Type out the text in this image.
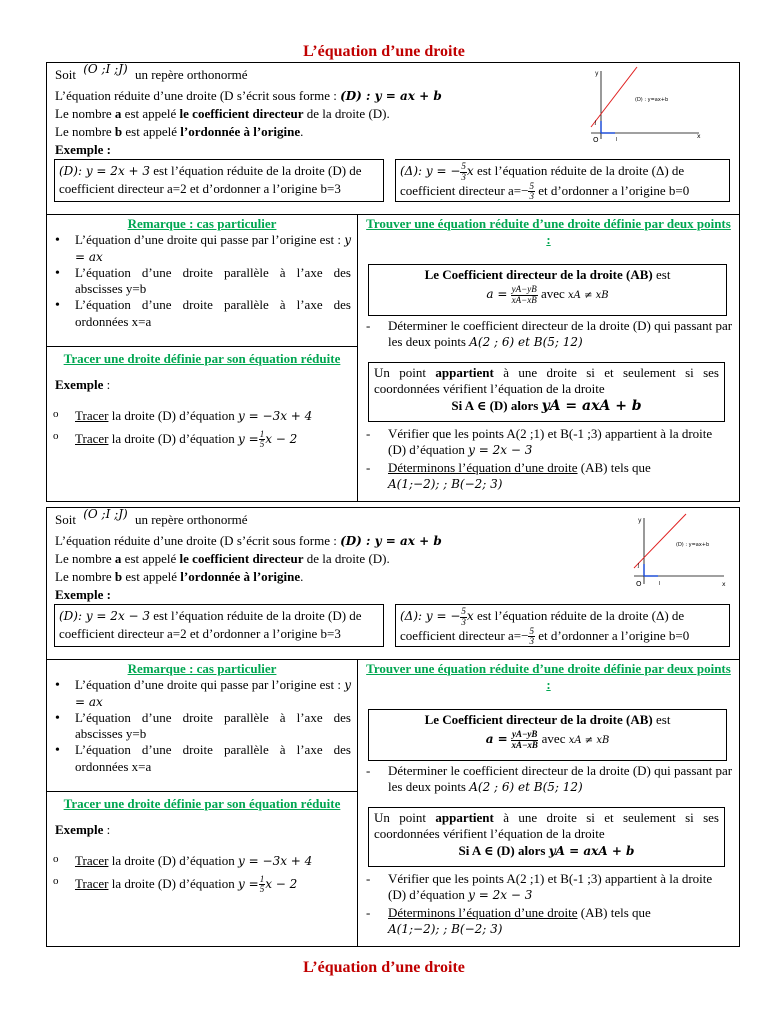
L’équation d’une droite
Soit (O ;I ;J) un repère orthonormé
L’équation réduite d’une droite (D s’écrit sous forme : (D) : y = ax + b
Le nombre a est appelé le coefficient directeur de la droite (D).
Le nombre b est appelé l’ordonnée à l’origine.
Exemple :
(D): y = 2x + 3 est l’équation réduite de la droite (D) de coefficient directeur a=2 et d’ordonner a l’origine b=3
(Δ): y = − $\frac{5}{3}$ x est l’équation réduite de la droite (Δ) de
coefficient directeur $a=- \frac{5}{3}$ et d’ordonner a l’origine b=0
y
x
O	I
J
(D) : y=ax+b
Remarque : cas particulier
• L’équation d’une droite qui passe par l’origine est : y = ax
• L’équation d’une droite parallèle à l’axe des abscisses y=b
• L’équation d’une droite parallèle à l’axe des ordonnées x=a
Tracer une droite définie par son équation réduite
Exemple :
o Tracer la droite (D) d’équation y = −3x + 4
o Tracer la droite (D) d’équation $y = \frac{1}{5}$ x − 2
Trouver une équation réduite d’une droite définie par deux points :
Le Coefficient directeur de la droite (AB) est
$a = \frac{yA-yB}{xA-xB}$ avec xA ≠ xB
- Déterminer le coefficient directeur de la droite (D) qui passant par les deux points A(2 ; 6) et B(5; 12)
Un point appartient à une droite si et seulement si ses coordonnées vérifient l’équation de la droite
Si A ∈ (D) alors yA = axA + b
- Vérifier que les points A(2 ;1) et B(-1 ;3) appartient à la droite (D) d’équation y = 2x − 3
- Déterminons l’équation d’une droite (AB) tels que
A(1;−2); ; B(−2; 3)
Soit (O ;I ;J) un repère orthonormé
L’équation réduite d’une droite (D s’écrit sous forme : (D) : y = ax + b
Le nombre a est appelé le coefficient directeur de la droite (D).
Le nombre b est appelé l’ordonnée à l’origine.
Exemple :
(D): y = 2x − 3 est l’équation réduite de la droite (D) de coefficient directeur a=2 et d’ordonner a l’origine b=3
(Δ): y = − $\frac{5}{3}$ x est l’équation réduite de la droite (Δ) de
coefficient directeur $a=- \frac{5}{3}$ et d’ordonner a l’origine b=0
y
x
O	I
J
(D) : y=ax+b
Remarque : cas particulier
• L’équation d’une droite qui passe par l’origine est : y = ax
• L’équation d’une droite parallèle à l’axe des abscisses y=b
• L’équation d’une droite parallèle à l’axe des ordonnées x=a
Tracer une droite définie par son équation réduite
Exemple :
o Tracer la droite (D) d’équation y = −3x + 4
o Tracer la droite (D) d’équation $y = \frac{1}{5}$ x − 2
Trouver une équation réduite d’une droite définie par deux points :
Le Coefficient directeur de la droite (AB) est
$a = \frac{yA-yB}{xA-xB}$ avec xA ≠ xB
- Déterminer le coefficient directeur de la droite (D) qui passant par les deux points A(2 ; 6) et B(5; 12)
Un point appartient à une droite si et seulement si ses coordonnées vérifient l’équation de la droite
Si A ∈ (D) alors yA = axA + b
- Vérifier que les points A(2 ;1) et B(-1 ;3) appartient à la droite (D) d’équation y = 2x − 3
- Déterminons l’équation d’une droite (AB) tels que
A(1;−2); ; B(−2; 3)
L’équation d’une droite
